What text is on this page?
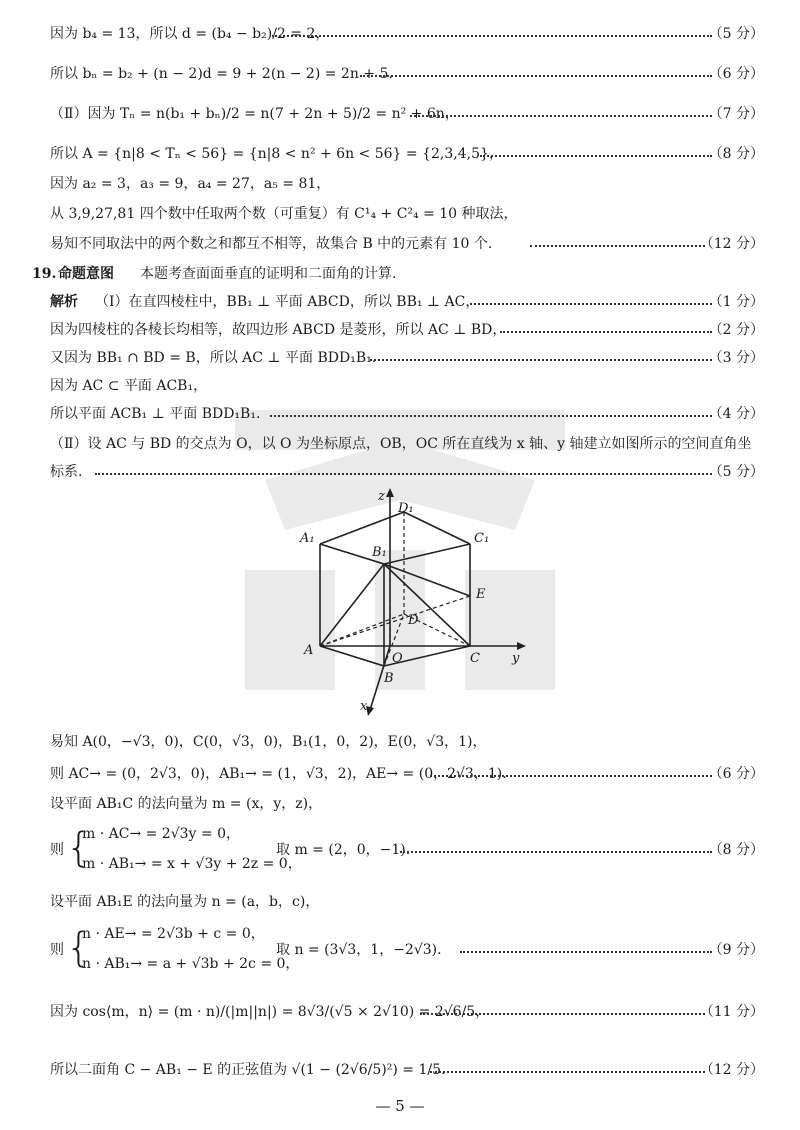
因为 b₄ = 13，所以 d = (b₄ − b₂)/2 = 2，	（5 分）
所以 bₙ = b₂ + (n − 2)d = 9 + 2(n − 2) = 2n + 5.	（6 分）
（Ⅱ）因为 Tₙ = n(b₁ + bₙ)/2 = n(7 + 2n + 5)/2 = n² + 6n，	（7 分）
所以 A = {n|8 < Tₙ < 56} = {n|8 < n² + 6n < 56} = {2,3,4,5}，	（8 分）
因为 a₂ = 3，a₃ = 9，a₄ = 27，a₅ = 81，
从 3,9,27,81 四个数中任取两个数（可重复）有 C¹₄ + C²₄ = 10 种取法，
易知不同取法中的两个数之和都互不相等，故集合 B 中的元素有 10 个.	（12 分）
19. 命题意图 本题考查面面垂直的证明和二面角的计算.
解析 （Ⅰ）在直四棱柱中，BB₁ ⊥ 平面 ABCD，所以 BB₁ ⊥ AC，	（1 分）
因为四棱柱的各棱长均相等，故四边形 ABCD 是菱形，所以 AC ⊥ BD，	（2 分）
又因为 BB₁ ∩ BD = B，所以 AC ⊥ 平面 BDD₁B₁.	（3 分）
因为 AC ⊂ 平面 ACB₁，
所以平面 ACB₁ ⊥ 平面 BDD₁B₁.	（4 分）
（Ⅱ）设 AC 与 BD 的交点为 O，以 O 为坐标原点，OB，OC 所在直线为 x 轴、y 轴建立如图所示的空间直角坐
标系.	（5 分）
A₁
B₁
C₁
D₁
A
B
C
D
E
O
x
y
z
易知 A(0，−√3，0)，C(0，√3，0)，B₁(1，0，2)，E(0，√3，1)，
则 AC→ = (0，2√3，0)，AB₁→ = (1，√3，2)，AE→ = (0，2√3，1).	（6 分）
设平面 AB₁C 的法向量为 m = (x，y，z)，
则 {
m · AC→ = 2√3y = 0，
m · AB₁→ = x + √3y + 2z = 0，
取 m = (2，0，−1).	（8 分）
设平面 AB₁E 的法向量为 n = (a，b，c)，
则 {
n · AE→ = 2√3b + c = 0，
n · AB₁→ = a + √3b + 2c = 0，
取 n = (3√3，1，−2√3).	（9 分）
因为 cos⟨m，n⟩ = (m · n)/(|m||n|) = 8√3/(√5 × 2√10) = 2√6/5，	（11 分）
所以二面角 C − AB₁ − E 的正弦值为 √(1 − (2√6/5)²) = 1/5.	（12 分）
— 5 —
